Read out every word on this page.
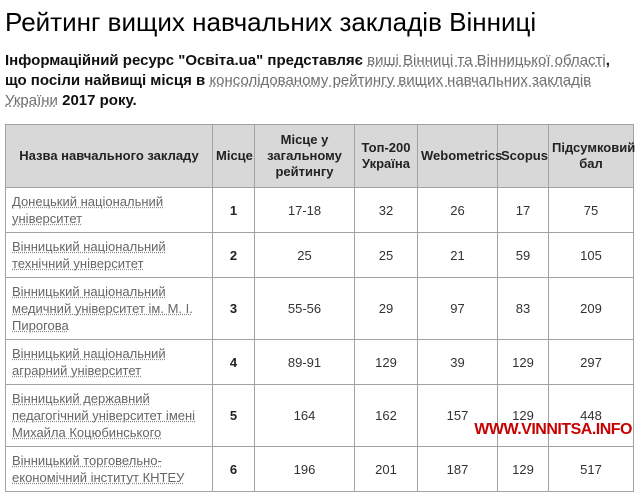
Рейтинг вищих навчальних закладів Вінниці

Інформаційний ресурс "Освіта.ua" представляє виші Вінниці та Вінницької області, що посіли найвищі місця в консолідованому рейтингу вищих навчальних закладів України 2017 року.

Назва навчального закладу	Місце	Місце у загальному рейтингу	Топ-200 Україна	Webometrics	Scopus	Підсумковий бал
Донецький національний університет	1	17-18	32	26	17	75
Вінницький національний технічний університет	2	25	25	21	59	105
Вінницький національний медичний університет ім. М. І. Пирогова	3	55-56	29	97	83	209
Вінницький національний аграрний університет	4	89-91	129	39	129	297
Вінницький державний педагогічний університет імені Михайла Коцюбинського	5	164	162	157	129	448
Вінницький торговельно-економічний інститут КНТЕУ	6	196	201	187	129	517
WWW.VINNITSA.INFO
